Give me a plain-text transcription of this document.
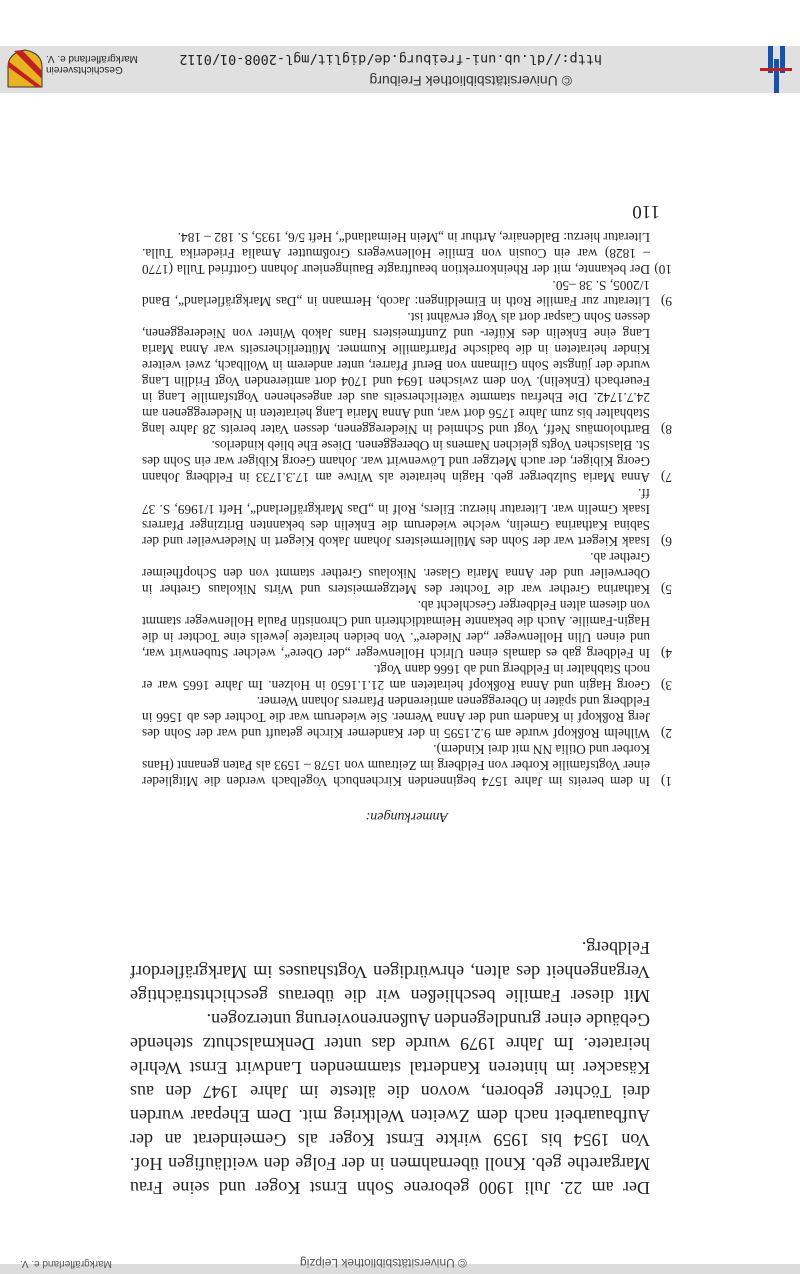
© Universitätsbibliothek Freiburg
http://dl.ub.uni-freiburg.de/diglit/mgl-2008-01/0112
Geschichtsverein
Markgräflerland e. V.

Der am 22. Juli 1900 geborene Sohn Ernst Koger und seine Frau Margarethe geb. Knoll übernahmen in der Folge den weitläufigen Hof. Von 1954 bis 1959 wirkte Ernst Koger als Gemeinderat an der Aufbauarbeit nach dem Zweiten Weltkrieg mit. Dem Ehepaar wurden drei Töchter geboren, wovon die älteste im Jahre 1947 den aus Käsacker im hinteren Kandertal stammenden Landwirt Ernst Wehrle heiratete. Im Jahre 1979 wurde das unter Denkmalschutz stehende Gebäude einer grundlegenden Außenrenovierung unterzogen.

Mit dieser Familie beschließen wir die überaus geschichtsträchtige Vergangenheit des alten, ehrwürdigen Vogtshauses im Markgräflerdorf Feldberg.

Anmerkungen:
1)
In dem bereits im Jahre 1574 beginnenden Kirchenbuch Vogelbach werden die Mitglieder einer Vogtsfamilie Korber von Feldberg im Zeitraum von 1578 – 1593 als Paten genannt (Hans Korber und Otilia NN mit drei Kindern).
2)
Wilhelm Roßkopf wurde am 9.2.1595 in der Kanderner Kirche getauft und war der Sohn des Jerg Roßkopf in Kandern und der Anna Werner. Sie wiederum war die Tochter des ab 1566 in Feldberg und später in Obereggenen amtierenden Pfarrers Johann Werner.
3)
Georg Hagin und Anna Roßkopf heirateten am 21.1.1650 in Holzen. Im Jahre 1665 war er noch Stabhalter in Feldberg und ab 1666 dann Vogt.
4)
In Feldberg gab es damals einen Ulrich Hollenweger „der Obere“, welcher Stubenwirt war, und einen Ulin Hollenweger „der Niedere“. Von beiden heiratete jeweils eine Tochter in die Hagin-Familie. Auch die bekannte Heimatdichterin und Chronistin Paula Hollenweger stammt von diesem alten Feldberger Geschlecht ab.
5)
Katharina Grether war die Tochter des Metzgermeisters und Wirts Nikolaus Grether in Oberweiler und der Anna Maria Glaser. Nikolaus Grether stammt von den Schopfheimer Grether ab.
6)
Isaak Kiegert war der Sohn des Müllermeisters Johann Jakob Kiegert in Niederweiler und der Sabina Katharina Gmelin, welche wiederum die Enkelin des bekannten Britzinger Pfarrers Isaak Gmelin war. Literatur hierzu: Eilers, Rolf in „Das Markgräflerland“, Heft 1/1969, S. 37 ff.
7)
Anna Maria Sulzberger geb. Hagin heiratete als Witwe am 17.3.1733 in Feldberg Johann Georg Kibiger, der auch Metzger und Löwenwirt war. Johann Georg Kibiger war ein Sohn des St. Blasischen Vogts gleichen Namens in Obereggenen. Diese Ehe blieb kinderlos.
8)
Bartholomäus Neff, Vogt und Schmied in Niedereggenen, dessen Vater bereits 28 Jahre lang Stabhalter bis zum Jahre 1756 dort war, und Anna Maria Lang heirateten in Niedereggenen am 24.7.1742. Die Ehefrau stammte väterlicherseits aus der angesehenen Vogtsfamilie Lang in Feuerbach (Enkelin). Von dem zwischen 1694 und 1704 dort amtierenden Vogt Fridlin Lang wurde der jüngste Sohn Gilmann von Beruf Pfarrer, unter anderem in Wollbach, zwei weitere Kinder heirateten in die badische Pfarrfamilie Kummer. Mütterlicherseits war Anna Maria Lang eine Enkelin des Küfer- und Zunftmeisters Hans Jakob Winter von Niedereggenen, dessen Sohn Caspar dort als Vogt erwähnt ist.
9)
Literatur zur Familie Roth in Eimeldingen: Jacob, Hermann in „Das Markgräflerland“, Band 1/2005, S. 38 –50.
10)
Der bekannte, mit der Rheinkorrektion beauftragte Bauingenieur Johann Gottfried Tulla (1770 – 1828) war ein Cousin von Emilie Hollenwegers Großmutter Amalia Friederika Tulla. Literatur hierzu: Baldenaire, Arthur in „Mein Heimatland“, Heft 5/6, 1935, S. 182 – 184.
110
Markgräflerland e. V.	© Universitätsbibliothek Leipzig
